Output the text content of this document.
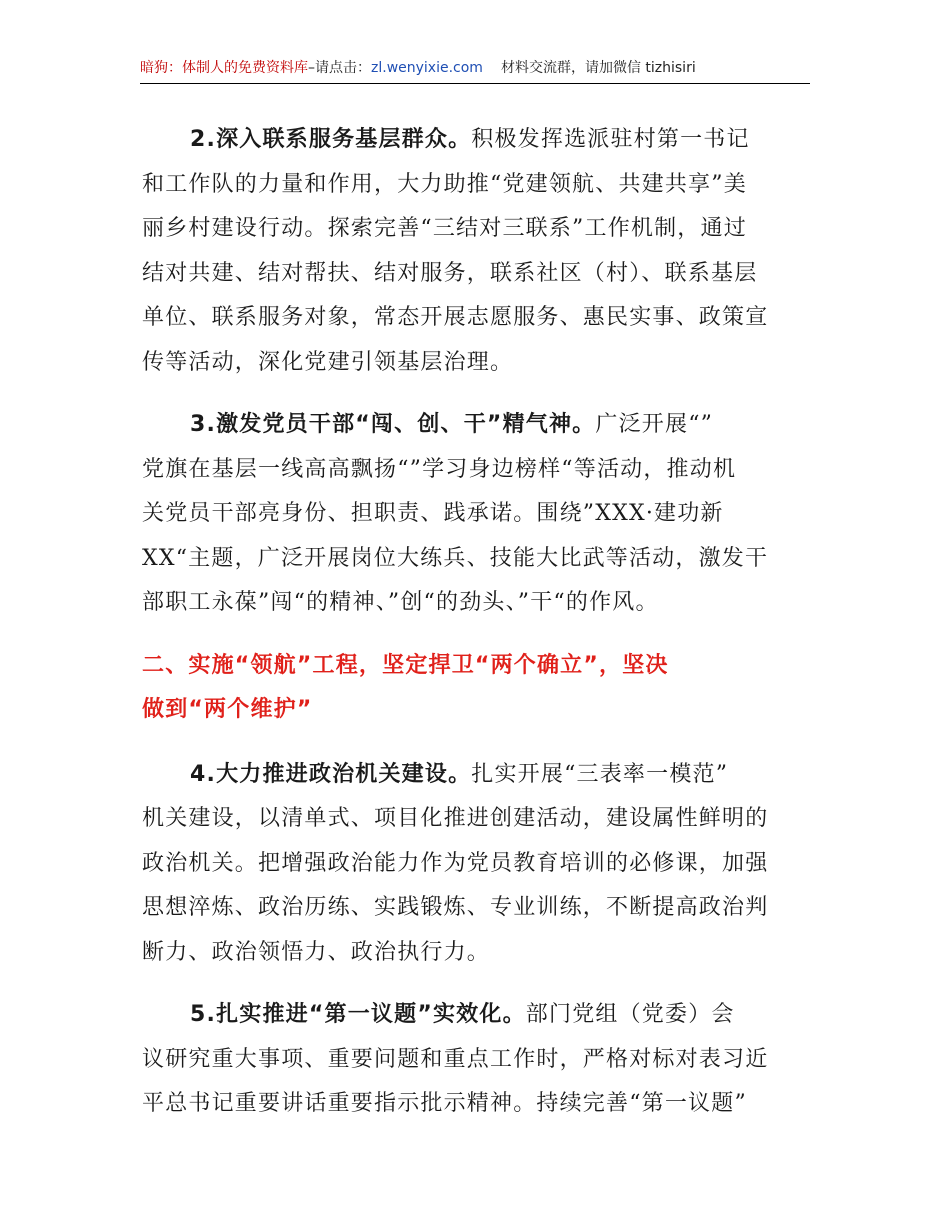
暗狗：体制人的免费资料库–请点击：zl.wenyixie.com 材料交流群，请加微信 tizhisiri
2.深入联系服务基层群众。积极发挥选派驻村第一书记
和工作队的力量和作用，大力助推“党建领航、共建共享”美
丽乡村建设行动。探索完善“三结对三联系”工作机制，通过
结对共建、结对帮扶、结对服务，联系社区（村）、联系基层
单位、联系服务对象，常态开展志愿服务、惠民实事、政策宣
传等活动，深化党建引领基层治理。
3.激发党员干部“闯、创、干”精气神。广泛开展“”
党旗在基层一线高高飘扬“”学习身边榜样“等活动，推动机
关党员干部亮身份、担职责、践承诺。围绕”XXX·建功新
XX“主题，广泛开展岗位大练兵、技能大比武等活动，激发干
部职工永葆”闯“的精神、”创“的劲头、”干“的作风。
二、实施“领航”工程，坚定捍卫“两个确立”，坚决
做到“两个维护”
4.大力推进政治机关建设。扎实开展“三表率一模范”
机关建设，以清单式、项目化推进创建活动，建设属性鲜明的
政治机关。把增强政治能力作为党员教育培训的必修课，加强
思想淬炼、政治历练、实践锻炼、专业训练，不断提高政治判
断力、政治领悟力、政治执行力。
5.扎实推进“第一议题”实效化。部门党组（党委）会
议研究重大事项、重要问题和重点工作时，严格对标对表习近
平总书记重要讲话重要指示批示精神。持续完善“第一议题”
